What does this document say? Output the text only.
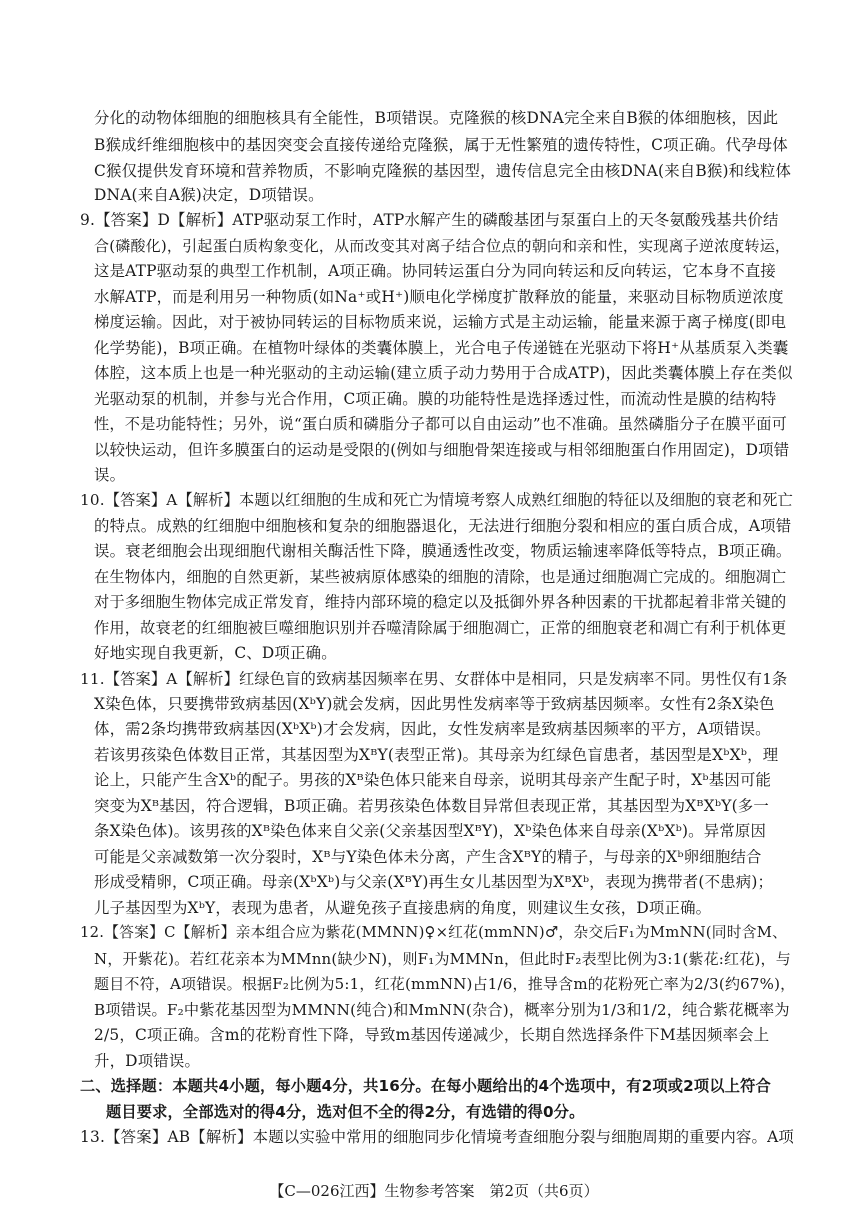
分化的动物体细胞的细胞核具有全能性，B项错误。克隆猴的核DNA完全来自B猴的体细胞核，因此
B猴成纤维细胞核中的基因突变会直接传递给克隆猴，属于无性繁殖的遗传特性，C项正确。代孕母体
C猴仅提供发育环境和营养物质，不影响克隆猴的基因型，遗传信息完全由核DNA(来自B猴)和线粒体
DNA(来自A猴)决定，D项错误。
9.【答案】D【解析】ATP驱动泵工作时，ATP水解产生的磷酸基团与泵蛋白上的天冬氨酸残基共价结
合(磷酸化)，引起蛋白质构象变化，从而改变其对离子结合位点的朝向和亲和性，实现离子逆浓度转运，
这是ATP驱动泵的典型工作机制，A项正确。协同转运蛋白分为同向转运和反向转运，它本身不直接
水解ATP，而是利用另一种物质(如Na⁺或H⁺)顺电化学梯度扩散释放的能量，来驱动目标物质逆浓度
梯度运输。因此，对于被协同转运的目标物质来说，运输方式是主动运输，能量来源于离子梯度(即电
化学势能)，B项正确。在植物叶绿体的类囊体膜上，光合电子传递链在光驱动下将H⁺从基质泵入类囊
体腔，这本质上也是一种光驱动的主动运输(建立质子动力势用于合成ATP)，因此类囊体膜上存在类似
光驱动泵的机制，并参与光合作用，C项正确。膜的功能特性是选择透过性，而流动性是膜的结构特
性，不是功能特性；另外，说“蛋白质和磷脂分子都可以自由运动”也不准确。虽然磷脂分子在膜平面可
以较快运动，但许多膜蛋白的运动是受限的(例如与细胞骨架连接或与相邻细胞蛋白作用固定)，D项错
误。
10.【答案】A【解析】本题以红细胞的生成和死亡为情境考察人成熟红细胞的特征以及细胞的衰老和死亡
的特点。成熟的红细胞中细胞核和复杂的细胞器退化，无法进行细胞分裂和相应的蛋白质合成，A项错
误。衰老细胞会出现细胞代谢相关酶活性下降，膜通透性改变，物质运输速率降低等特点，B项正确。
在生物体内，细胞的自然更新，某些被病原体感染的细胞的清除，也是通过细胞凋亡完成的。细胞凋亡
对于多细胞生物体完成正常发育，维持内部环境的稳定以及抵御外界各种因素的干扰都起着非常关键的
作用，故衰老的红细胞被巨噬细胞识别并吞噬清除属于细胞凋亡，正常的细胞衰老和凋亡有利于机体更
好地实现自我更新，C、D项正确。
11.【答案】A【解析】红绿色盲的致病基因频率在男、女群体中是相同，只是发病率不同。男性仅有1条
X染色体，只要携带致病基因(XᵇY)就会发病，因此男性发病率等于致病基因频率。女性有2条X染色
体，需2条均携带致病基因(XᵇXᵇ)才会发病，因此，女性发病率是致病基因频率的平方，A项错误。
若该男孩染色体数目正常，其基因型为XᴮY(表型正常)。其母亲为红绿色盲患者，基因型是XᵇXᵇ，理
论上，只能产生含Xᵇ的配子。男孩的Xᴮ染色体只能来自母亲，说明其母亲产生配子时，Xᵇ基因可能
突变为Xᴮ基因，符合逻辑，B项正确。若男孩染色体数目异常但表现正常，其基因型为XᴮXᵇY(多一
条X染色体)。该男孩的Xᴮ染色体来自父亲(父亲基因型XᴮY)，Xᵇ染色体来自母亲(XᵇXᵇ)。异常原因
可能是父亲减数第一次分裂时，Xᴮ与Y染色体未分离，产生含XᴮY的精子，与母亲的Xᵇ卵细胞结合
形成受精卵，C项正确。母亲(XᵇXᵇ)与父亲(XᴮY)再生女儿基因型为XᴮXᵇ，表现为携带者(不患病)；
儿子基因型为XᵇY，表现为患者，从避免孩子直接患病的角度，则建议生女孩，D项正确。
12.【答案】C【解析】亲本组合应为紫花(MMNN)♀×红花(mmNN)♂，杂交后F₁为MmNN(同时含M、
N，开紫花)。若红花亲本为MMnn(缺少N)，则F₁为MMNn，但此时F₂表型比例为3:1(紫花:红花)，与
题目不符，A项错误。根据F₂比例为5:1，红花(mmNN)占1/6，推导含m的花粉死亡率为2/3(约67%)，
B项错误。F₂中紫花基因型为MMNN(纯合)和MmNN(杂合)，概率分别为1/3和1/2，纯合紫花概率为
2/5，C项正确。含m的花粉育性下降，导致m基因传递减少，长期自然选择条件下M基因频率会上
升，D项错误。
二、选择题：本题共4小题，每小题4分，共16分。在每小题给出的4个选项中，有2项或2项以上符合
题目要求，全部选对的得4分，选对但不全的得2分，有选错的得0分。
13.【答案】AB【解析】本题以实验中常用的细胞同步化情境考查细胞分裂与细胞周期的重要内容。A项
【C—026江西】生物参考答案　第2页（共6页）
